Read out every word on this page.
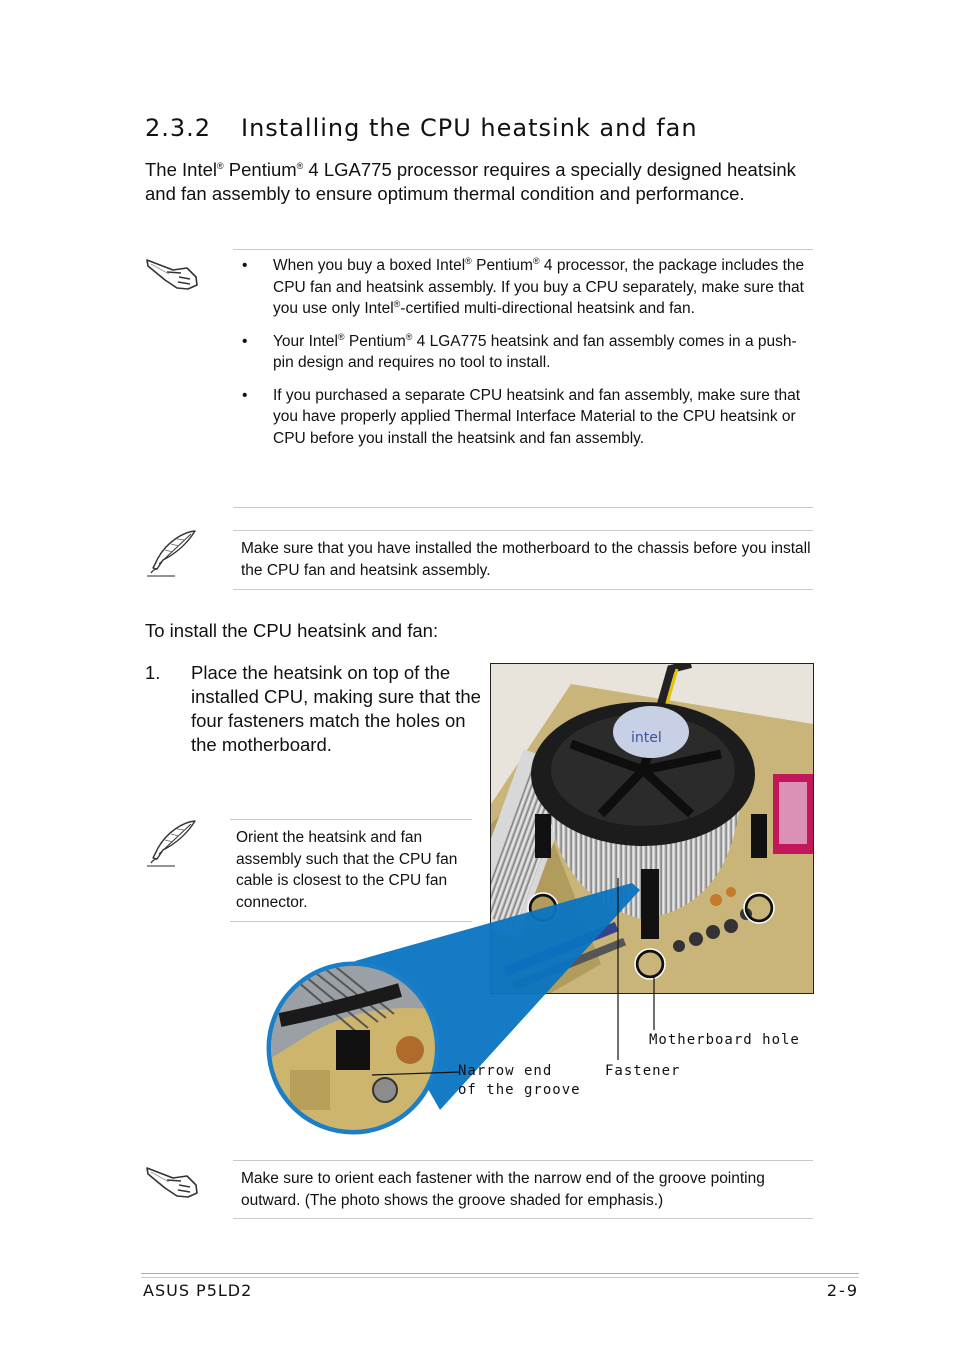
2.3.2 Installing the CPU heatsink and fan
The Intel® Pentium® 4 LGA775 processor requires a specially designed heatsink and fan assembly to ensure optimum thermal condition and performance.
• When you buy a boxed Intel® Pentium® 4 processor, the package includes the CPU fan and heatsink assembly. If you buy a CPU separately, make sure that you use only Intel®-certified multi-directional heatsink and fan.
• Your Intel® Pentium® 4 LGA775 heatsink and fan assembly comes in a push-pin design and requires no tool to install.
• If you purchased a separate CPU heatsink and fan assembly, make sure that you have properly applied Thermal Interface Material to the CPU heatsink or CPU before you install the heatsink and fan assembly.
Make sure that you have installed the motherboard to the chassis before you install the CPU fan and heatsink assembly.
To install the CPU heatsink and fan:
1. Place the heatsink on top of the installed CPU, making sure that the four fasteners match the holes on the motherboard.
Orient the heatsink and fan assembly such that the CPU fan cable is closest to the CPU fan connector.
intel
Motherboard hole
Fastener
Narrow end
of the groove
Make sure to orient each fastener with the narrow end of the groove pointing outward. (The photo shows the groove shaded for emphasis.)
ASUS P5LD2	2-9
